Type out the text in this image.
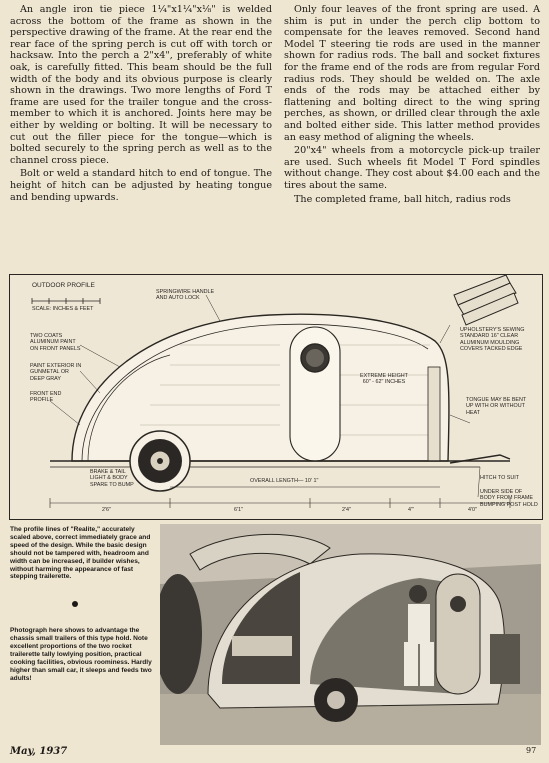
An angle iron tie piece 1¼"x1¼"x⅛" is welded across the bottom of the frame as shown in the perspective drawing of the frame. At the rear end the rear face of the spring perch is cut off with torch or hacksaw. Into the perch a 2"x4", preferably of white oak, is carefully fitted. This beam should be the full width of the body and its obvious purpose is clearly shown in the drawings. Two more lengths of Ford T frame are used for the trailer tongue and the cross-member to which it is anchored. Joints here may be either by welding or bolting. It will be necessary to cut out the filler piece for the tongue—which is bolted securely to the spring perch as well as to the channel cross piece.

Bolt or weld a standard hitch to end of tongue. The height of hitch can be adjusted by heating tongue and bending upwards.

Only four leaves of the front spring are used. A shim is put in under the perch clip bottom to compensate for the leaves removed. Second hand Model T steering tie rods are used in the manner shown for radius rods. The ball and socket fixtures for the frame end of the rods are from regular Ford radius rods. They should be welded on. The axle ends of the rods may be attached either by flattening and bolting direct to the wing spring perches, as shown, or drilled clear through the axle and bolted either side. This latter method provides an easy method of aligning the wheels.

20"x4" wheels from a motorcycle pick-up trailer are used. Such wheels fit Model T Ford spindles without change. They cost about $4.00 each and the tires about the same.

The completed frame, ball hitch, radius rods

OUTDOOR PROFILE
SCALE: INCHES & FEET
SPRINGWIRE HANDLE AND AUTO LOCK
TWO COATS ALUMINUM PAINT ON FRONT PANELS
PAINT EXTERIOR IN GUNMETAL OR DEEP GRAY
FRONT END PROFILE
EXTREME HEIGHT 60" - 62" INCHES
UPHOLSTERY'S SEWING STANDARD 16" CLEAR ALUMINUM MOULDING COVERS TACKED EDGE
TONGUE MAY BE BENT UP WITH OR WITHOUT HEAT
BRAKE & TAIL LIGHT & BODY SPARE TO BUMP
OVERALL LENGTH— 10' 1"	HITCH TO SUIT
UNDER SIDE OF BODY FROM FRAME BUMPING POST HOLD
2'6"	6'1"	2'4"	4'"	4'0"

The profile lines of "Realite," accurately scaled above, correct immediately grace and speed of the design. While the basic design should not be tampered with, headroom and width can be increased, if builder wishes, without harming the appearance of fast stepping trailerette.

Photograph here shows to advantage the chassis small trailers of this type hold. Note excellent proportions of the two rocket trailerette tally lowlying position, practical cooking facilities, obvious roominess. Hardly higher than small car, it sleeps and feeds two adults!

May, 1937	97
